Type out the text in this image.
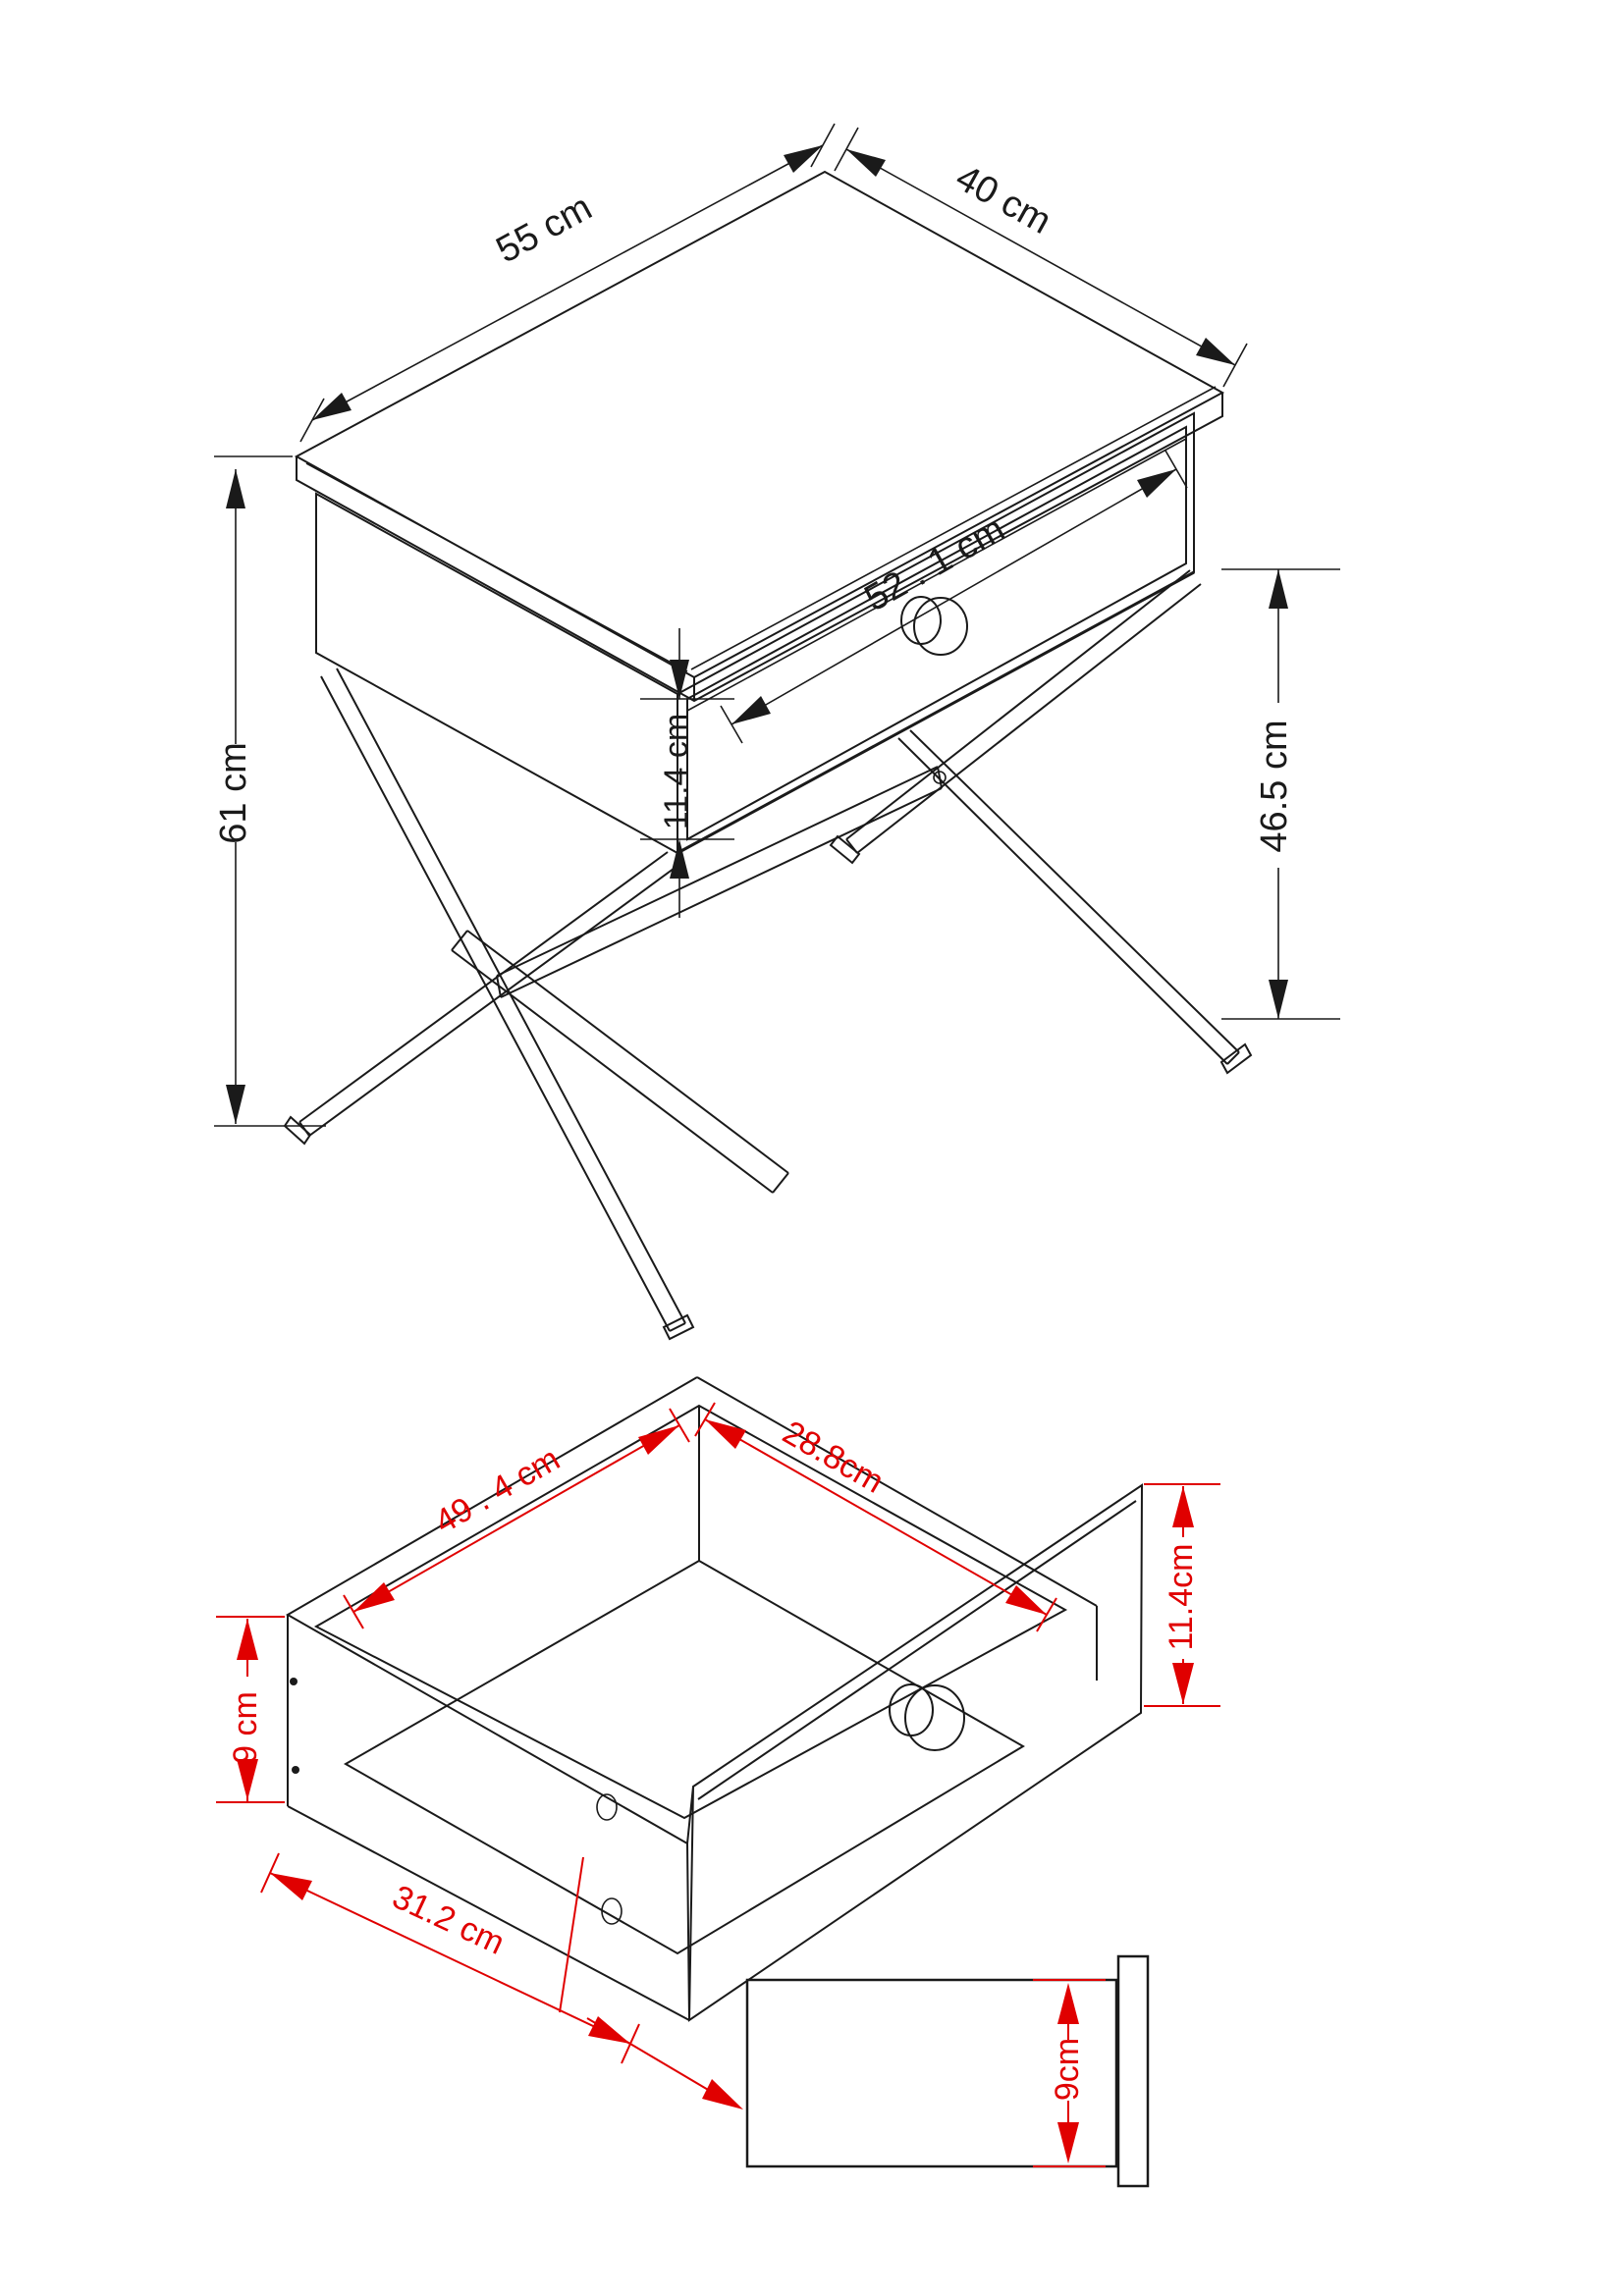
55 cm	40 cm
61 cm
52 . 1 cm
11.4 cm	46.5 cm
49 . 4 cm	28.8cm
11.4cm
9 cm
31.2 cm
9cm
